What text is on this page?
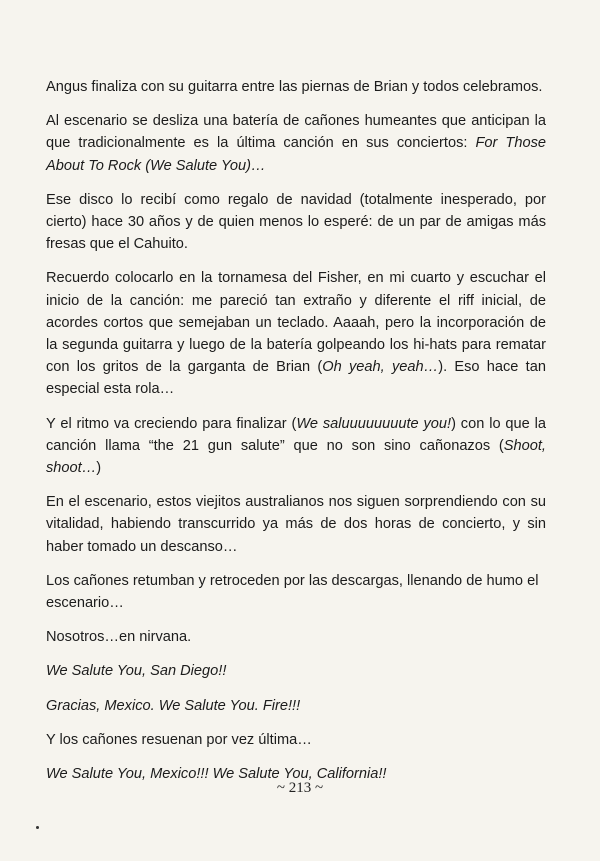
Angus finaliza con su guitarra entre las piernas de Brian y todos celebramos.

Al escenario se desliza una batería de cañones humeantes que anticipan la que tradicionalmente es la última canción en sus conciertos: For Those About To Rock (We Salute You)…

Ese disco lo recibí como regalo de navidad (totalmente inesperado, por cierto) hace 30 años y de quien menos lo esperé: de un par de amigas más fresas que el Cahuito.

Recuerdo colocarlo en la tornamesa del Fisher, en mi cuarto y escuchar el inicio de la canción: me pareció tan extraño y diferente el riff inicial, de acordes cortos que semejaban un teclado. Aaaah, pero la incorporación de la segunda guitarra y luego de la batería golpeando los hi-hats para rematar con los gritos de la garganta de Brian (Oh yeah, yeah…). Eso hace tan especial esta rola…

Y el ritmo va creciendo para finalizar (We saluuuuuuuute you!) con lo que la canción llama “the 21 gun salute” que no son sino cañonazos (Shoot, shoot…)

En el escenario, estos viejitos australianos nos siguen sorprendiendo con su vitalidad, habiendo transcurrido ya más de dos horas de concierto, y sin haber tomado un descanso…

Los cañones retumban y retroceden por las descargas, llenando de humo el escenario…

Nosotros…en nirvana.

We Salute You, San Diego!!

Gracias, Mexico. We Salute You. Fire!!!

Y los cañones resuenan por vez última…

We Salute You, Mexico!!! We Salute You, California!!

~ 213 ~
